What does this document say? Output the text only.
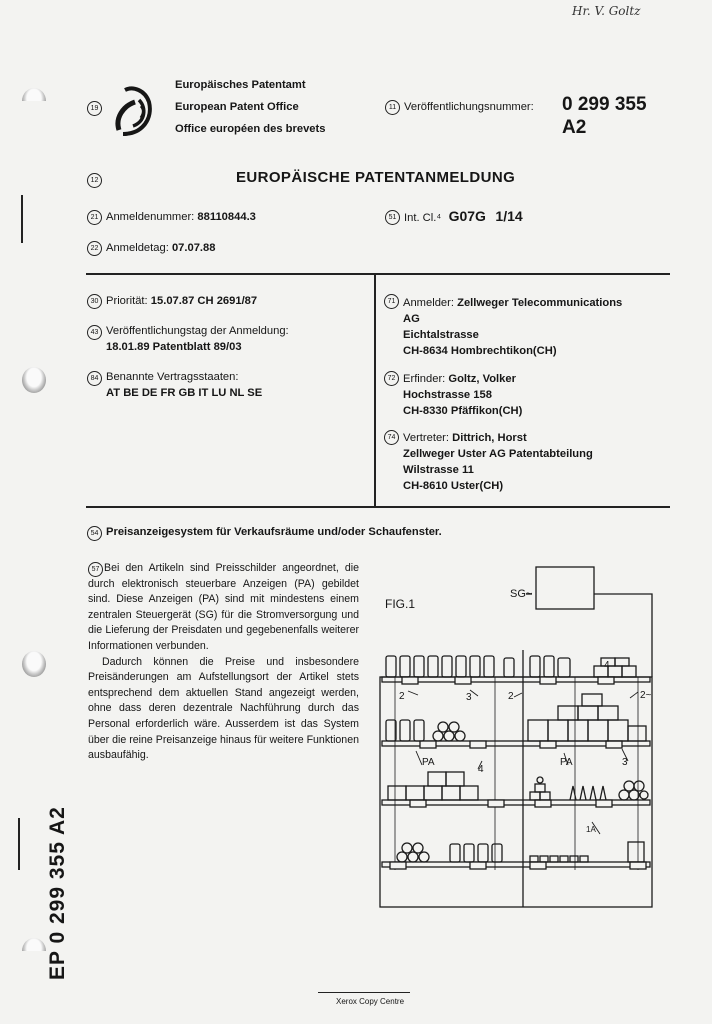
Hr. V. Goltz
19
Europäisches Patentamt
European Patent Office
Office européen des brevets
11 Veröffentlichungsnummer: 0 299 355
A2
12	EUROPÄISCHE PATENTANMELDUNG
21 Anmeldenummer: 88110844.3	51 Int. Cl.⁴ G07G 1/14
22 Anmeldetag: 07.07.88
30 Priorität: 15.07.87 CH 2691/87
43 Veröffentlichungstag der Anmeldung:
18.01.89 Patentblatt 89/03
84 Benannte Vertragsstaaten:
AT BE DE FR GB IT LU NL SE
71 Anmelder: Zellweger Telecommunications
AG
Eichtalstrasse
CH-8634 Hombrechtikon(CH)
72 Erfinder: Goltz, Volker
Hochstrasse 158
CH-8330 Pfäffikon(CH)
74 Vertreter: Dittrich, Horst
Zellweger Uster AG Patentabteilung
Wilstrasse 11
CH-8610 Uster(CH)
54 Preisanzeigesystem für Verkaufsräume und/oder Schaufenster.
57 Bei den Artikeln sind Preisschilder angeordnet, die durch elektronisch steuerbare Anzeigen (PA) gebildet sind. Diese Anzeigen (PA) sind mit mindestens einem zentralen Steuergerät (SG) für die Stromversorgung und die Lieferung der Preisdaten und gegebenenfalls weiterer Informationen verbunden.

Dadurch können die Preise und insbesondere Preisänderungen am Aufstellungsort der Artikel stets entsprechend dem aktuellen Stand angezeigt werden, ohne dass deren dezentrale Nachführung durch das Personal erforderlich wäre. Ausserdem ist das System über die reine Preisanzeige hinaus für weitere Funktionen ausbaufähig.

FIG.1
SG~
2	3	2
4
2~
PA
4
PA	3
1A
EP 0 299 355 A2
Xerox Copy Centre
